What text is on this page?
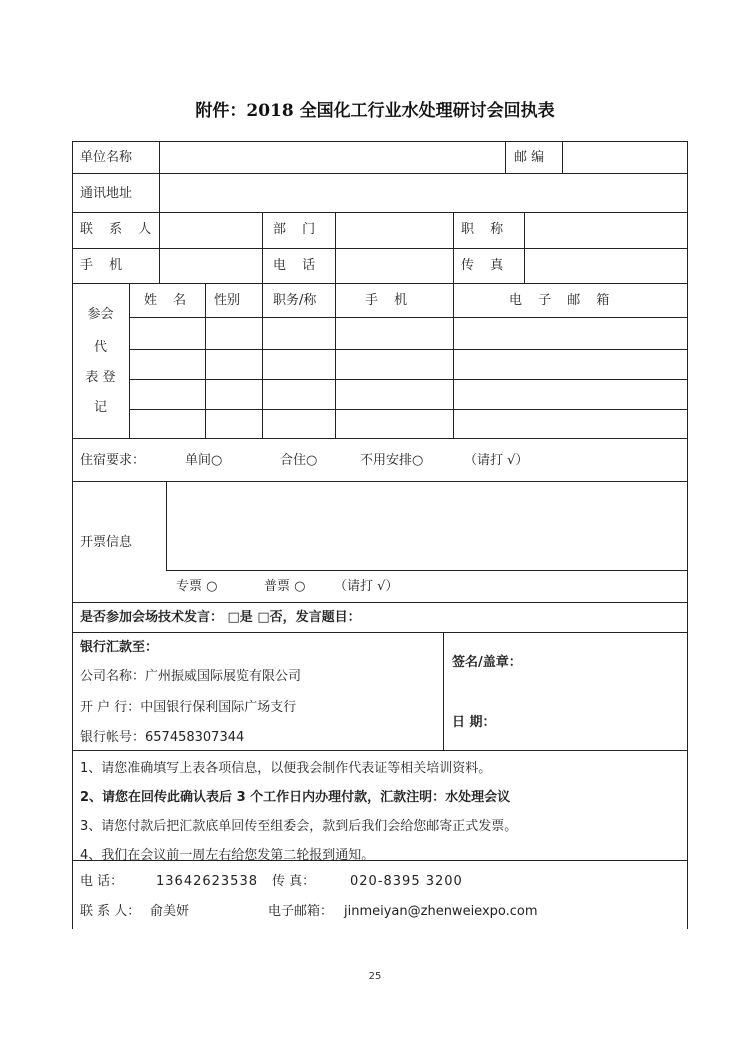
附件：2018 全国化工行业水处理研讨会回执表
单位名称	邮 编
通讯地址
联 系 人	部 门	职 称
手 机	电 话	传 真
参会
代
表 登
记
姓 名 性别	职务/称	手 机	电 子 邮 箱
住宿要求：	单间○	合住○	不用安排○	（请打 √）
开票信息
专票 ○	普票 ○ （请打 √）
是否参加会场技术发言： □是 □否，发言题目：
银行汇款至：
公司名称：广州振威国际展览有限公司
开 户 行：中国银行保利国际广场支行
银行帐号：657458307344
签名/盖章：
日 期：
1、请您准确填写上表各项信息，以便我会制作代表证等相关培训资料。
2、请您在回传此确认表后 3 个工作日内办理付款，汇款注明：水处理会议
3、请您付款后把汇款底单回传至组委会，款到后我们会给您邮寄正式发票。
4、我们在会议前一周左右给您发第二轮报到通知。
电 话：	13642623538 传 真：	020-8395 3200
联 系 人： 俞美妍	电子邮箱： jinmeiyan@zhenweiexpo.com
25
